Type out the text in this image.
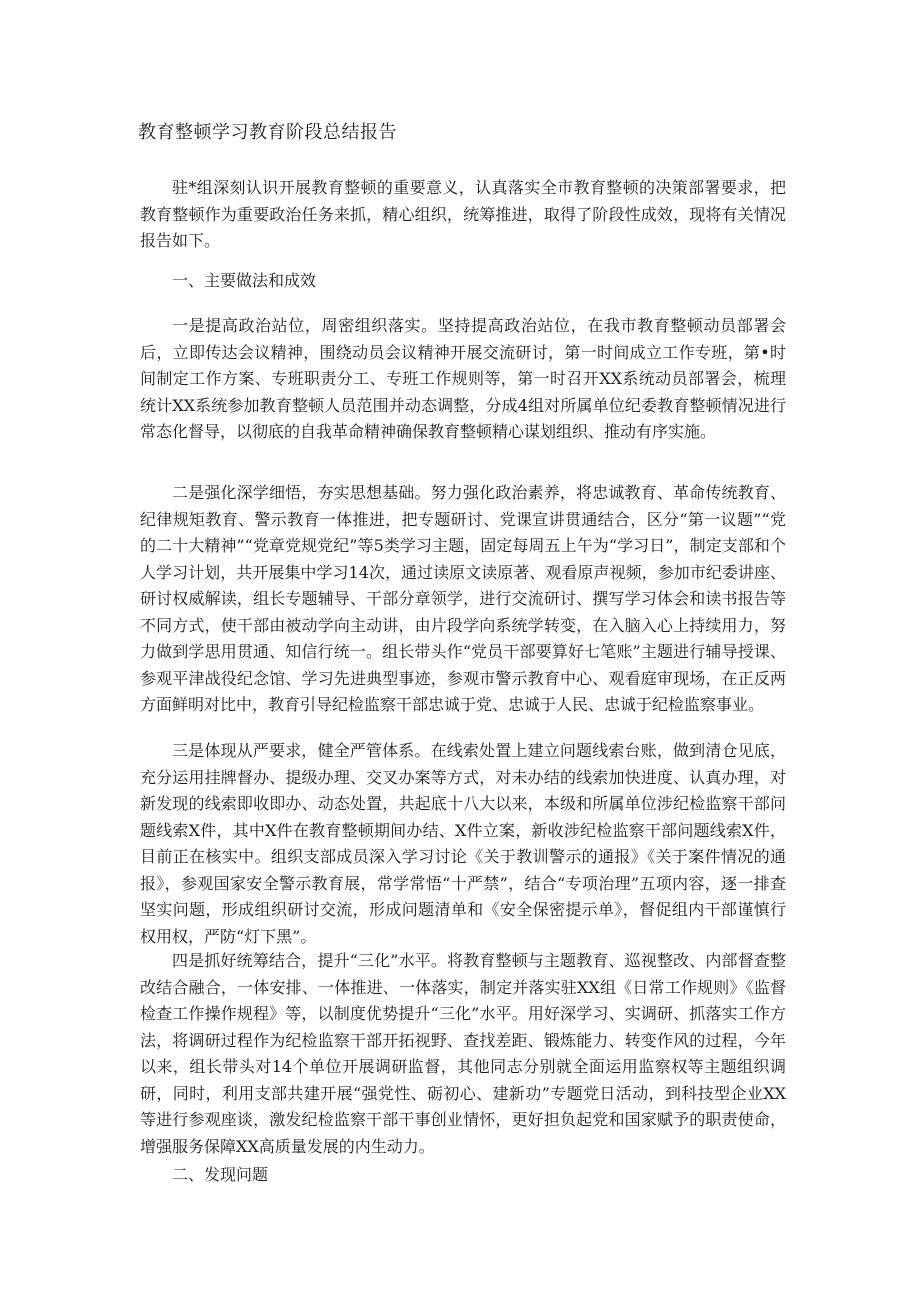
教育整顿学习教育阶段总结报告

驻*组深刻认识开展教育整顿的重要意义，认真落实全市教育整顿的决策部署要求，把教育整顿作为重要政治任务来抓，精心组织，统筹推进，取得了阶段性成效，现将有关情况报告如下。

一、主要做法和成效

一是提高政治站位，周密组织落实。坚持提高政治站位，在我市教育整顿动员部署会后，立即传达会议精神，围绕动员会议精神开展交流研讨，第一时间成立工作专班，第•时间制定工作方案、专班职责分工、专班工作规则等，第一时召开XX系统动员部署会，梳理统计XX系统参加教育整顿人员范围并动态调整，分成4组对所属单位纪委教育整顿情况进行常态化督导，以彻底的自我革命精神确保教育整顿精心谋划组织、推动有序实施。

二是强化深学细悟，夯实思想基础。努力强化政治素养，将忠诚教育、革命传统教育、纪律规矩教育、警示教育一体推进，把专题研讨、党课宣讲贯通结合，区分“第一议题”“党的二十大精神”“党章党规党纪”等5类学习主题，固定每周五上午为“学习日”，制定支部和个人学习计划，共开展集中学习14次，通过读原文读原著、观看原声视频，参加市纪委讲座、研讨权威解读，组长专题辅导、干部分章领学，进行交流研讨、撰写学习体会和读书报告等不同方式，使干部由被动学向主动讲，由片段学向系统学转变，在入脑入心上持续用力，努力做到学思用贯通、知信行统一。组长带头作“党员干部要算好七笔账”主题进行辅导授课、参观平津战役纪念馆、学习先进典型事迹，参观市警示教育中心、观看庭审现场，在正反两方面鲜明对比中，教育引导纪检监察干部忠诚于党、忠诚于人民、忠诚于纪检监察事业。

三是体现从严要求，健全严管体系。在线索处置上建立问题线索台账，做到清仓见底，充分运用挂牌督办、提级办理、交叉办案等方式，对未办结的线索加快进度、认真办理，对新发现的线索即收即办、动态处置，共起底十八大以来，本级和所属单位涉纪检监察干部问题线索X件，其中X件在教育整顿期间办结、X件立案，新收涉纪检监察干部问题线索X件，目前正在核实中。组织支部成员深入学习讨论《关于教训警示的通报》《关于案件情况的通报》，参观国家安全警示教育展，常学常悟“十严禁”，结合“专项治理”五项内容，逐一排查坚实问题，形成组织研讨交流，形成问题清单和《安全保密提示单》，督促组内干部谨慎行权用权，严防“灯下黑”。

四是抓好统筹结合，提升“三化”水平。将教育整顿与主题教育、巡视整改、内部督查整改结合融合，一体安排、一体推进、一体落实，制定并落实驻XX组《日常工作规则》《监督检查工作操作规程》等，以制度优势提升“三化”水平。用好深学习、实调研、抓落实工作方法，将调研过程作为纪检监察干部开拓视野、查找差距、锻炼能力、转变作风的过程，今年以来，组长带头对14个单位开展调研监督，其他同志分别就全面运用监察权等主题组织调研，同时，利用支部共建开展“强党性、砺初心、建新功”专题党日活动，到科技型企业XX等进行参观座谈，激发纪检监察干部干事创业情怀，更好担负起党和国家赋予的职责使命，增强服务保障XX高质量发展的内生动力。

二、发现问题
